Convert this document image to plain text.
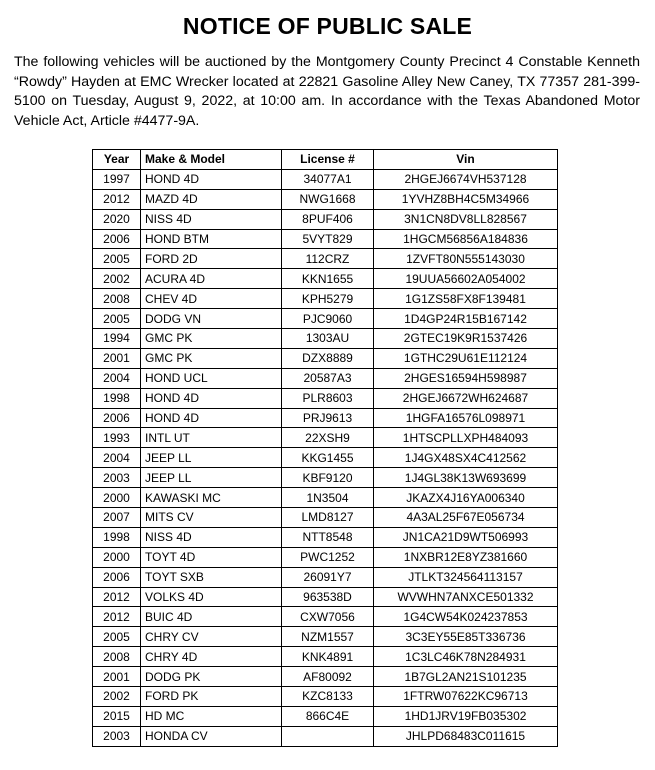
NOTICE OF PUBLIC SALE

The following vehicles will be auctioned by the Montgomery County Precinct 4 Constable Kenneth “Rowdy” Hayden at EMC Wrecker located at 22821 Gasoline Alley New Caney, TX 77357 281-399-5100 on Tuesday, August 9, 2022, at 10:00 am. In accordance with the Texas Abandoned Motor Vehicle Act, Article #4477-9A.

Year	Make & Model	License #	Vin
1997	HOND 4D	34077A1	2HGEJ6674VH537128
2012	MAZD 4D	NWG1668	1YVHZ8BH4C5M34966
2020	NISS 4D	8PUF406	3N1CN8DV8LL828567
2006	HOND BTM	5VYT829	1HGCM56856A184836
2005	FORD 2D	112CRZ	1ZVFT80N555143030
2002	ACURA 4D	KKN1655	19UUA56602A054002
2008	CHEV 4D	KPH5279	1G1ZS58FX8F139481
2005	DODG VN	PJC9060	1D4GP24R15B167142
1994	GMC PK	1303AU	2GTEC19K9R1537426
2001	GMC PK	DZX8889	1GTHC29U61E112124
2004	HOND UCL	20587A3	2HGES16594H598987
1998	HOND 4D	PLR8603	2HGEJ6672WH624687
2006	HOND 4D	PRJ9613	1HGFA16576L098971
1993	INTL UT	22XSH9	1HTSCPLLXPH484093
2004	JEEP LL	KKG1455	1J4GX48SX4C412562
2003	JEEP LL	KBF9120	1J4GL38K13W693699
2000	KAWASKI MC	1N3504	JKAZX4J16YA006340
2007	MITS CV	LMD8127	4A3AL25F67E056734
1998	NISS 4D	NTT8548	JN1CA21D9WT506993
2000	TOYT 4D	PWC1252	1NXBR12E8YZ381660
2006	TOYT SXB	26091Y7	JTLKT324564113157
2012	VOLKS 4D	963538D	WVWHN7ANXCE501332
2012	BUIC 4D	CXW7056	1G4CW54K024237853
2005	CHRY CV	NZM1557	3C3EY55E85T336736
2008	CHRY 4D	KNK4891	1C3LC46K78N284931
2001	DODG PK	AF80092	1B7GL2AN21S101235
2002	FORD PK	KZC8133	1FTRW07622KC96713
2015	HD MC	866C4E	1HD1JRV19FB035302
2003	HONDA CV		JHLPD68483C011615
